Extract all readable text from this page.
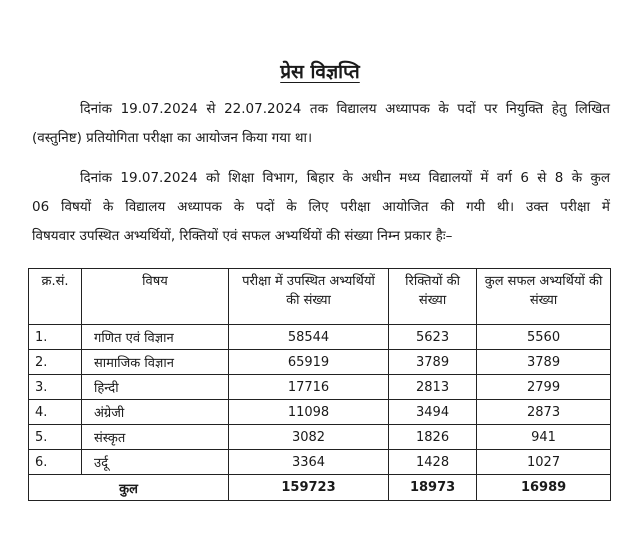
प्रेस विज्ञप्ति
दिनांक 19.07.2024 से 22.07.2024 तक विद्यालय अध्यापक के पदों पर नियुक्ति हेतु लिखित
(वस्तुनिष्ट) प्रतियोगिता परीक्षा का आयोजन किया गया था।
दिनांक 19.07.2024 को शिक्षा विभाग, बिहार के अधीन मध्य विद्यालयों में वर्ग 6 से 8 के कुल
06 विषयों के विद्यालय अध्यापक के पदों के लिए परीक्षा आयोजित की गयी थी। उक्त परीक्षा में
विषयवार उपस्थित अभ्यर्थियों, रिक्तियों एवं सफल अभ्यर्थियों की संख्या निम्न प्रकार हैः–
क्र.सं.	विषय	परीक्षा में उपस्थित अभ्यर्थियों की संख्या	रिक्तियों की संख्या	कुल सफल अभ्यर्थियों की संख्या
1.	गणित एवं विज्ञान	58544	5623	5560
2.	सामाजिक विज्ञान	65919	3789	3789
3.	हिन्दी	17716	2813	2799
4.	अंग्रेजी	11098	3494	2873
5.	संस्कृत	3082	1826	941
6.	उर्दू	3364	1428	1027
कुल		159723	18973	16989
